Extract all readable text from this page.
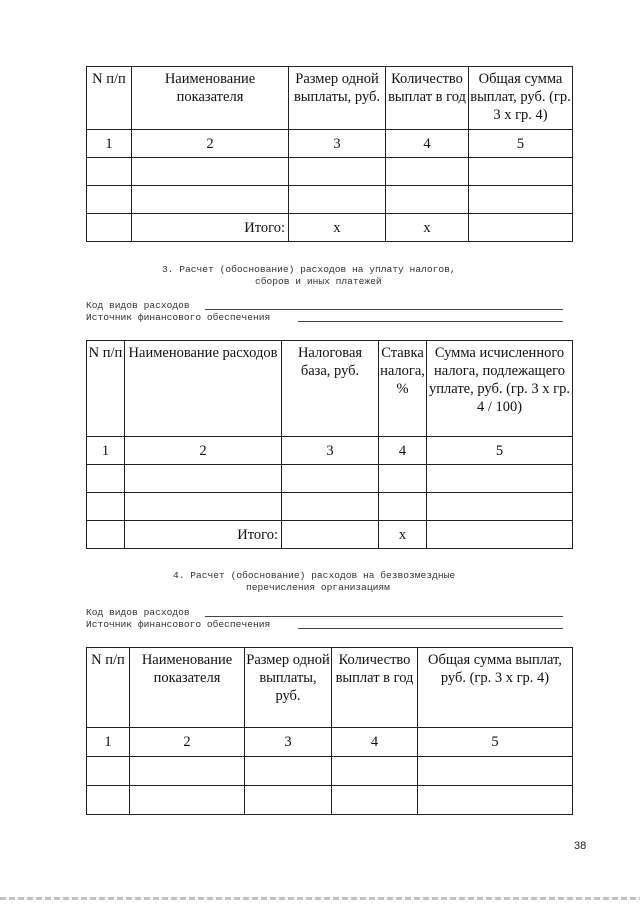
N п/п	Наименование показателя	Размер одной выплаты, руб.	Количество выплат в год	Общая сумма выплат, руб. (гр. 3 x гр. 4)
1	2	3	4	5

	Итого:	x	x	
3. Расчет (обоснование) расходов на уплату налогов,
сборов и иных платежей
Код видов расходов
Источник финансового обеспечения
N п/п	Наименование расходов	Налоговая база, руб.	Ставка налога, %	Сумма исчисленного налога, подлежащего уплате, руб. (гр. 3 x гр. 4 / 100)
1	2	3	4	5

	Итого:		x	
4. Расчет (обоснование) расходов на безвозмездные
перечисления организациям
Код видов расходов
Источник финансового обеспечения
N п/п	Наименование показателя	Размер одной выплаты, руб.	Количество выплат в год	Общая сумма выплат, руб. (гр. 3 x гр. 4)
1	2	3	4	5

38
